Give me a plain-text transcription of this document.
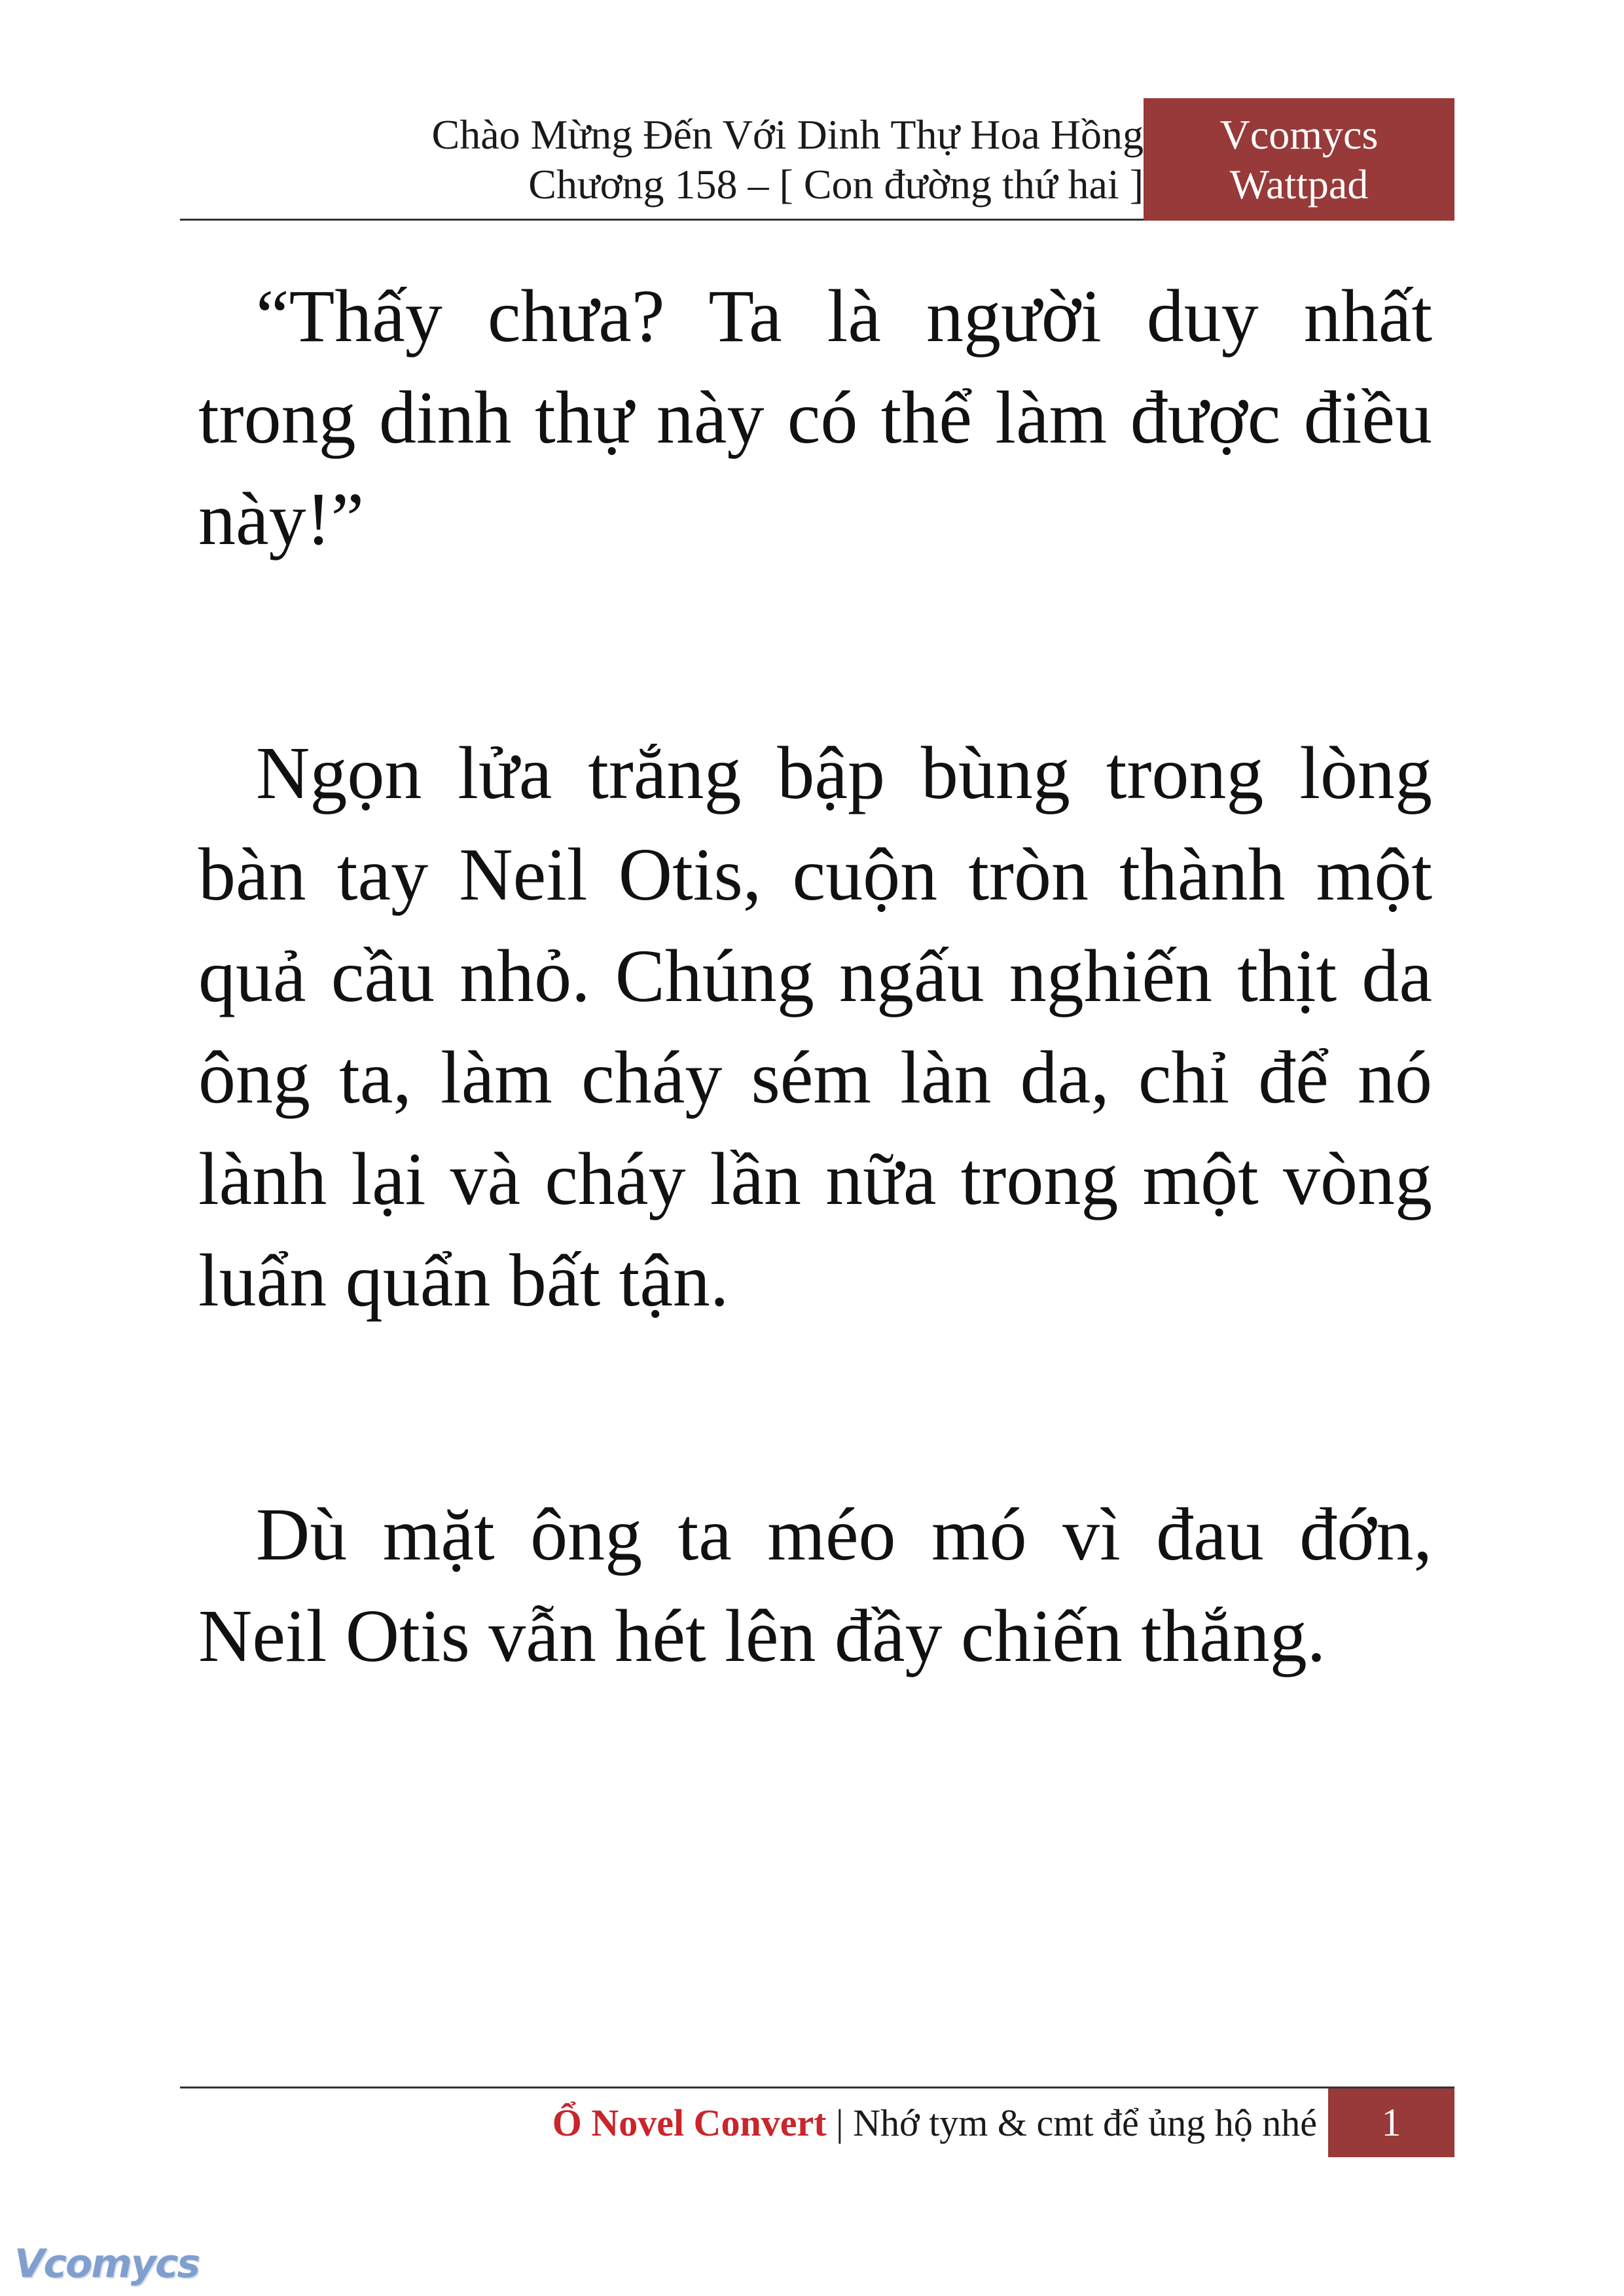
Chào Mừng Đến Với Dinh Thự Hoa Hồng
Chương 158 – [ Con đường thứ hai ]
Vcomycs
Wattpad

“Thấy chưa? Ta là người duy nhất trong dinh thự này có thể làm được điều này!”

Ngọn lửa trắng bập bùng trong lòng bàn tay Neil Otis, cuộn tròn thành một quả cầu nhỏ. Chúng ngấu nghiến thịt da ông ta, làm cháy sém làn da, chỉ để nó lành lại và cháy lần nữa trong một vòng luẩn quẩn bất tận.

Dù mặt ông ta méo mó vì đau đớn, Neil Otis vẫn hét lên đầy chiến thắng.

Ổ Novel Convert | Nhớ tym & cmt để ủng hộ nhé	1
Vcomycs
